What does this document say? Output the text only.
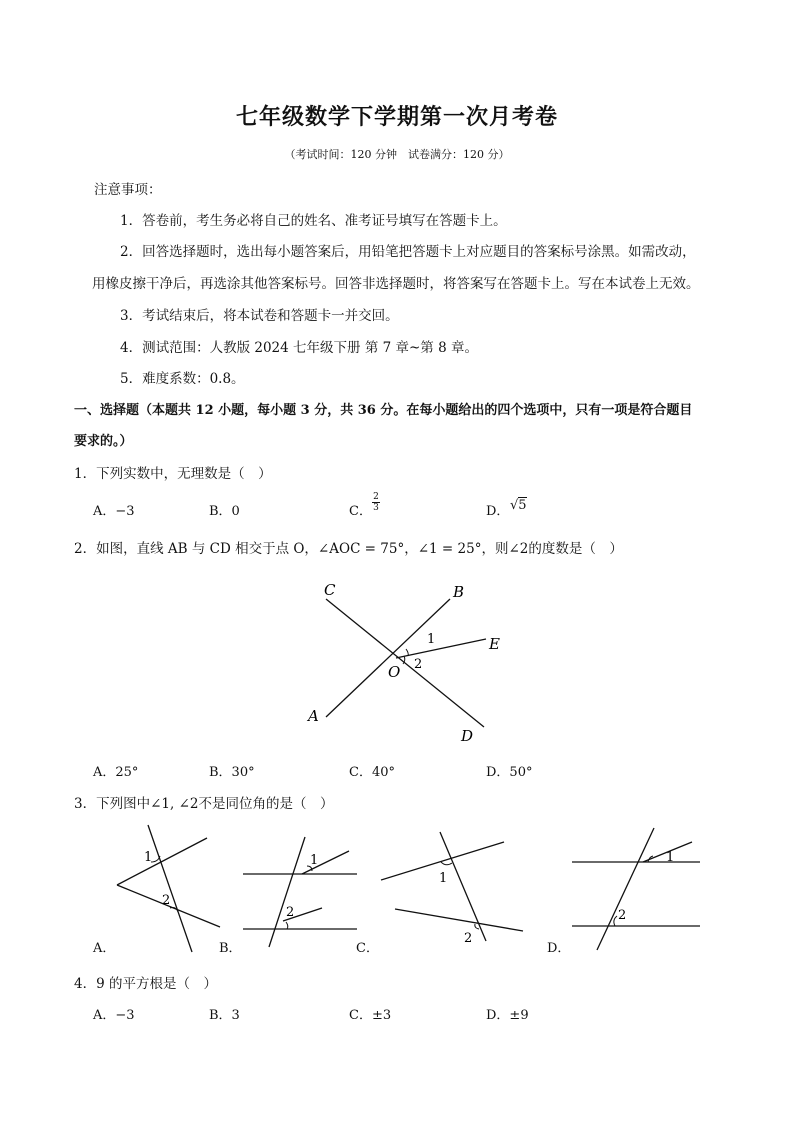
七年级数学下学期第一次月考卷
（考试时间：120 分钟　试卷满分：120 分）
注意事项：
1．答卷前，考生务必将自己的姓名、准考证号填写在答题卡上。
2．回答选择题时，选出每小题答案后，用铅笔把答题卡上对应题目的答案标号涂黑。如需改动，
用橡皮擦干净后，再选涂其他答案标号。回答非选择题时，将答案写在答题卡上。写在本试卷上无效。
3．考试结束后，将本试卷和答题卡一并交回。
4．测试范围：人教版 2024 七年级下册 第 7 章~第 8 章。
5．难度系数：0.8。
一、选择题（本题共 12 小题，每小题 3 分，共 36 分。在每小题给出的四个选项中，只有一项是符合题目
要求的。）
1．下列实数中，无理数是（　）
A．−3	B．0	C．
2
3	D． √5
2．如图，直线 AB 与 CD 相交于点 O，∠AOC = 75°，∠1 = 25°，则∠2的度数是（　）
C	B
E
O
A
D
1
2
A．25°	B．30°	C．40°	D．50°
3．下列图中∠1, ∠2不是同位角的是（　）
1
2
1
2
1
2
1
2
A．	B．	C．	D．
4．9 的平方根是（　）
A．−3	B．3	C．±3	D．±9
